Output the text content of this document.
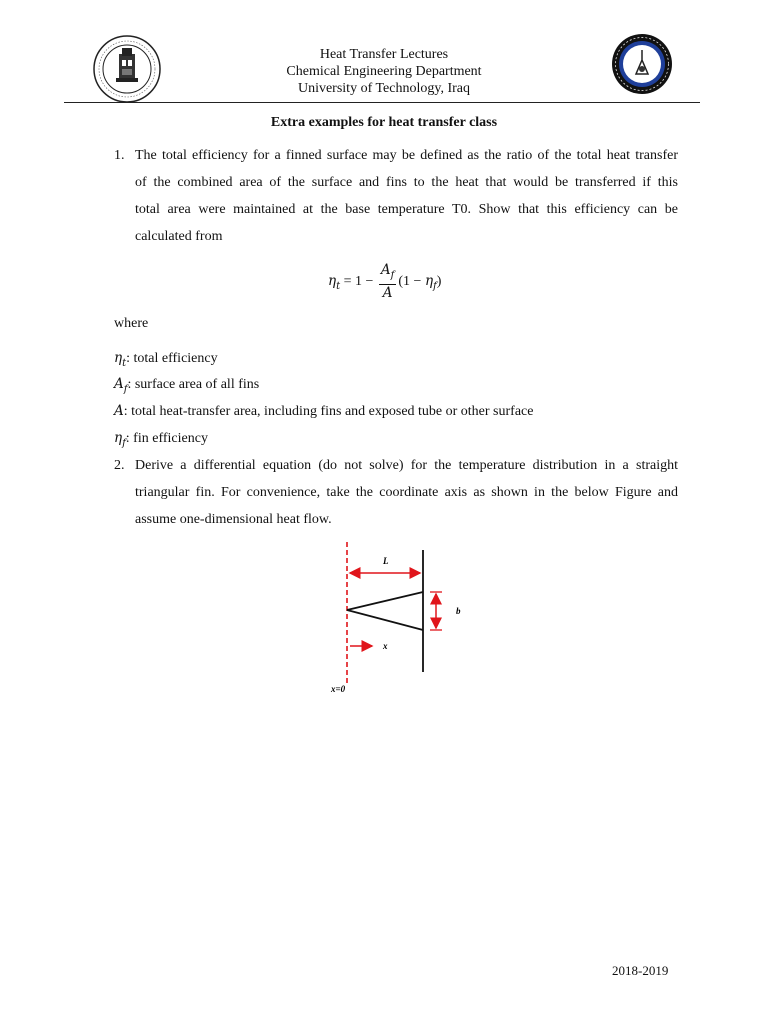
Heat Transfer Lectures
Chemical Engineering Department
University of Technology, Iraq
Extra examples for heat transfer class
1. The total efficiency for a finned surface may be defined as the ratio of the total heat transfer
of the combined area of the surface and fins to the heat that would be transferred if this
total area were maintained at the base temperature T0. Show that this efficiency can be
calculated from
$\eta_t = 1 - \frac{A_f}{A} (1 - \eta_f)$
where
$\eta_t$: total efficiency
$A_f$: surface area of all fins
A: total heat-transfer area, including fins and exposed tube or other surface
$\eta_f$: fin efficiency
2. Derive a differential equation (do not solve) for the temperature distribution in a straight
triangular fin. For convenience, take the coordinate axis as shown in the below Figure and
assume one-dimensional heat flow.
L
b
x
x=0
2018-2019
